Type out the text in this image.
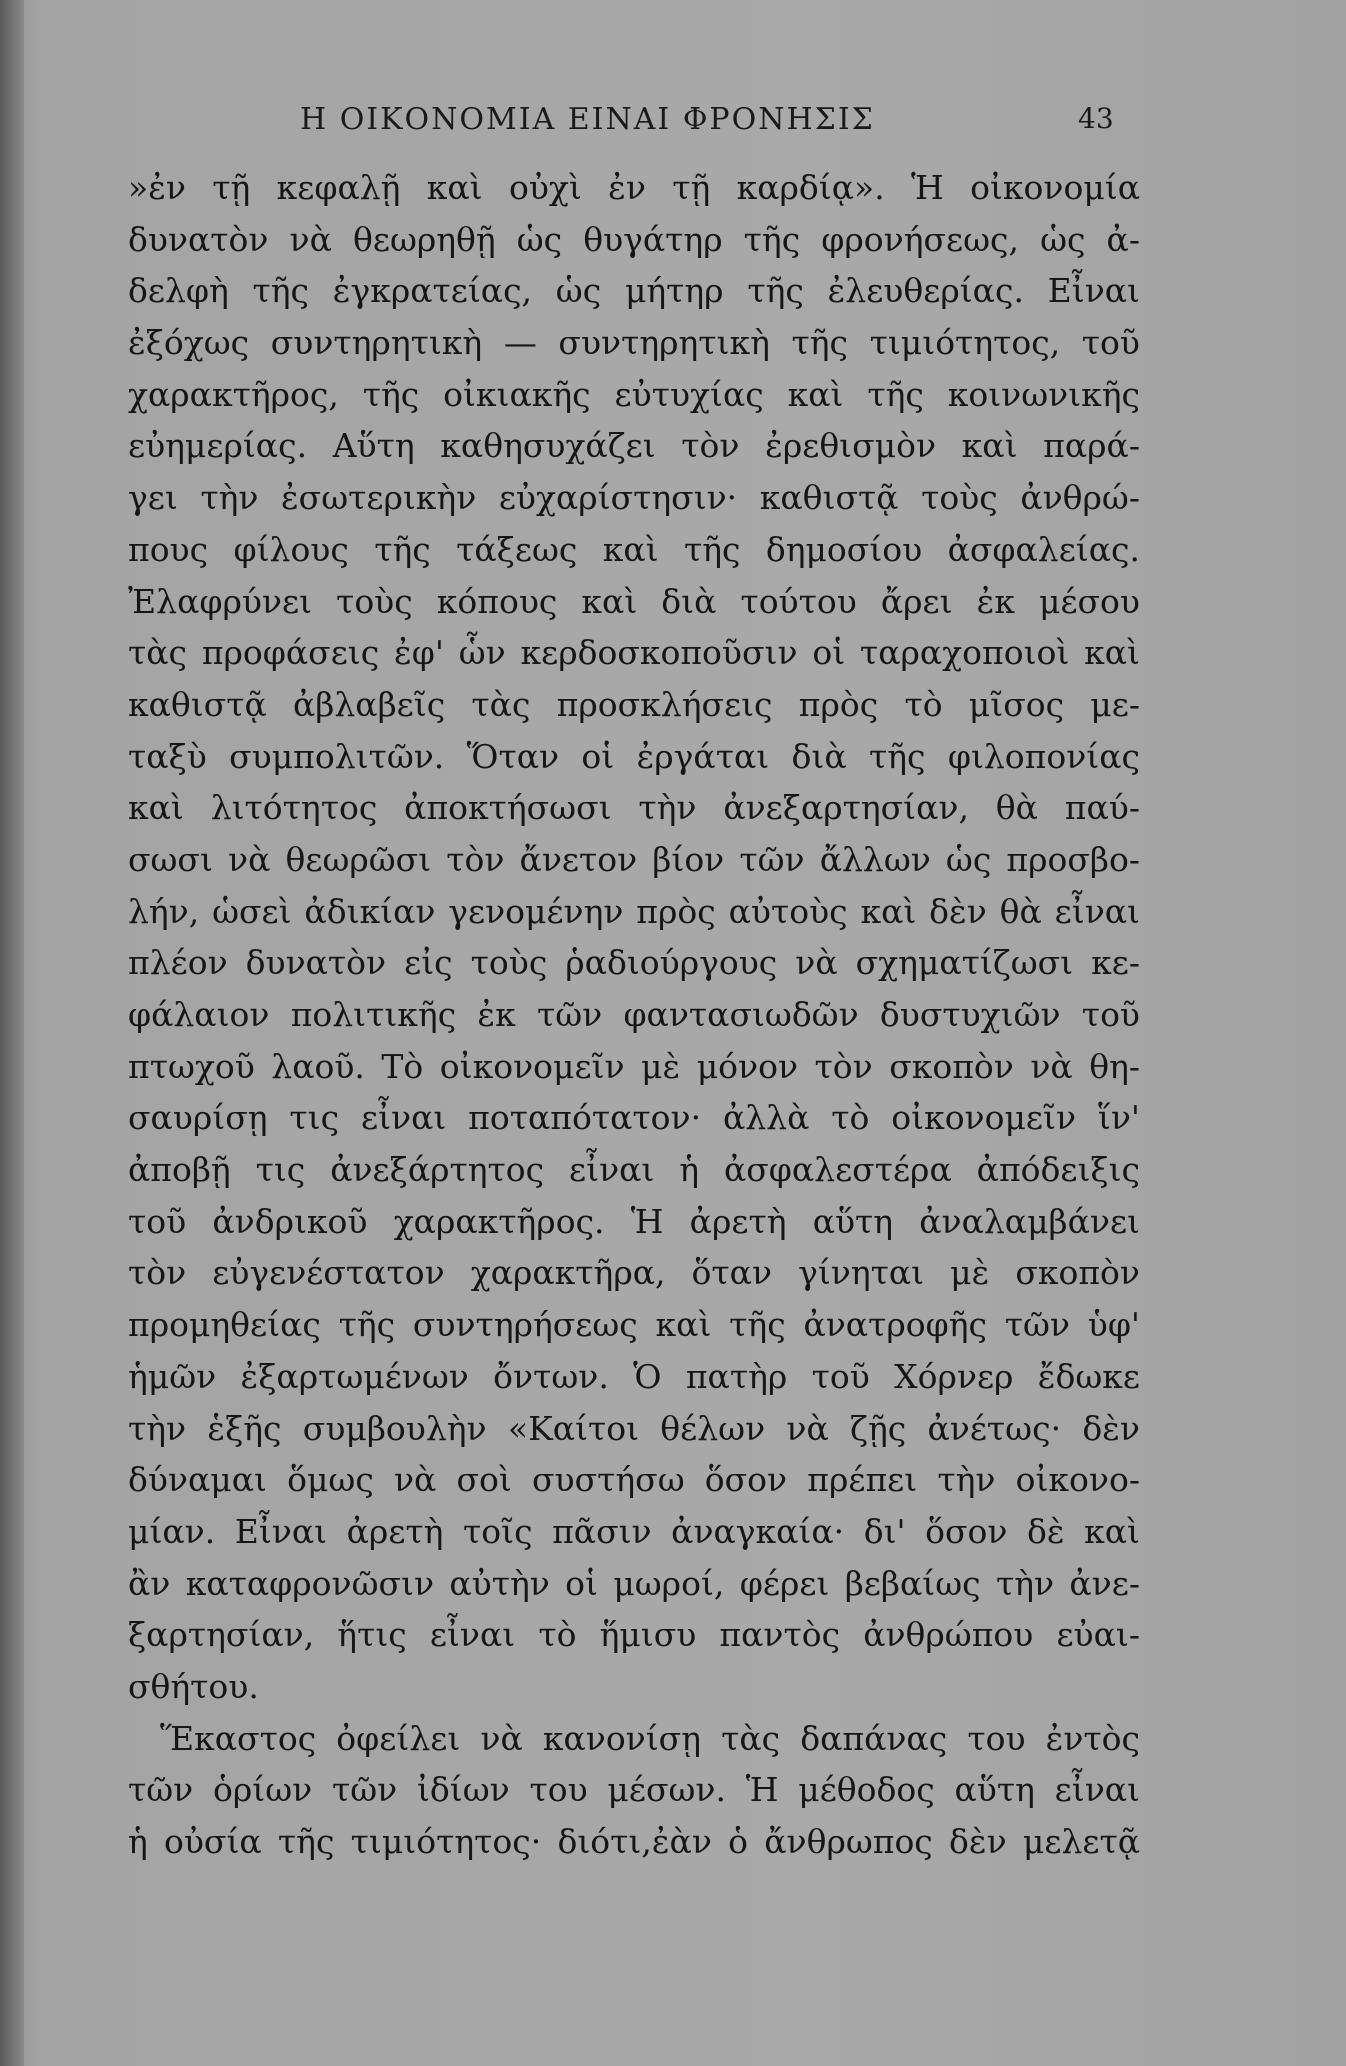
Η ΟΙΚΟΝΟΜΙΑ ΕΙΝΑΙ ΦΡΟΝΗΣΙΣ	43
»ἐν τῇ κεφαλῇ καὶ οὐχὶ ἐν τῇ καρδίᾳ». Ἡ οἰκονομία
δυνατὸν νὰ θεωρηθῇ ὡς θυγάτηρ τῆς φρονήσεως, ὡς ἀ-
δελφὴ τῆς ἐγκρατείας, ὡς μήτηρ τῆς ἐλευθερίας. Εἶναι
ἐξόχως συντηρητικὴ — συντηρητικὴ τῆς τιμιότητος, τοῦ
χαρακτῆρος, τῆς οἰκιακῆς εὐτυχίας καὶ τῆς κοινωνικῆς
εὐημερίας. Αὕτη καθησυχάζει τὸν ἐρεθισμὸν καὶ παρά-
γει τὴν ἐσωτερικὴν εὐχαρίστησιν· καθιστᾷ τοὺς ἀνθρώ-
πους φίλους τῆς τάξεως καὶ τῆς δημοσίου ἀσφαλείας.
Ἐλαφρύνει τοὺς κόπους καὶ διὰ τούτου ἄρει ἐκ μέσου
τὰς προφάσεις ἐφ' ὧν κερδοσκοποῦσιν οἱ ταραχοποιοὶ καὶ
καθιστᾷ ἀβλαβεῖς τὰς προσκλήσεις πρὸς τὸ μῖσος με-
ταξὺ συμπολιτῶν. Ὅταν οἱ ἐργάται διὰ τῆς φιλοπονίας
καὶ λιτότητος ἀποκτήσωσι τὴν ἀνεξαρτησίαν, θὰ παύ-
σωσι νὰ θεωρῶσι τὸν ἄνετον βίον τῶν ἄλλων ὡς προσβο-
λήν, ὡσεὶ ἀδικίαν γενομένην πρὸς αὐτοὺς καὶ δὲν θὰ εἶναι
πλέον δυνατὸν εἰς τοὺς ῥαδιούργους νὰ σχηματίζωσι κε-
φάλαιον πολιτικῆς ἐκ τῶν φαντασιωδῶν δυστυχιῶν τοῦ
πτωχοῦ λαοῦ. Τὸ οἰκονομεῖν μὲ μόνον τὸν σκοπὸν νὰ θη-
σαυρίσῃ τις εἶναι ποταπότατον· ἀλλὰ τὸ οἰκονομεῖν ἵν'
ἀποβῇ τις ἀνεξάρτητος εἶναι ἡ ἀσφαλεστέρα ἀπόδειξις
τοῦ ἀνδρικοῦ χαρακτῆρος. Ἡ ἀρετὴ αὕτη ἀναλαμβάνει
τὸν εὐγενέστατον χαρακτῆρα, ὅταν γίνηται μὲ σκοπὸν
προμηθείας τῆς συντηρήσεως καὶ τῆς ἀνατροφῆς τῶν ὑφ'
ἡμῶν ἐξαρτωμένων ὄντων. Ὁ πατὴρ τοῦ Χόρνερ ἔδωκε
τὴν ἑξῆς συμβουλὴν «Καίτοι θέλων νὰ ζῇς ἀνέτως· δὲν
δύναμαι ὅμως νὰ σοὶ συστήσω ὅσον πρέπει τὴν οἰκονο-
μίαν. Εἶναι ἀρετὴ τοῖς πᾶσιν ἀναγκαία· δι' ὅσον δὲ καὶ
ἂν καταφρονῶσιν αὐτὴν οἱ μωροί, φέρει βεβαίως τὴν ἀνε-
ξαρτησίαν, ἥτις εἶναι τὸ ἥμισυ παντὸς ἀνθρώπου εὐαι-
σθήτου.
Ἕκαστος ὀφείλει νὰ κανονίσῃ τὰς δαπάνας του ἐντὸς
τῶν ὁρίων τῶν ἰδίων του μέσων. Ἡ μέθοδος αὕτη εἶναι
ἡ οὐσία τῆς τιμιότητος· διότι,ἐὰν ὁ ἄνθρωπος δὲν μελετᾷ
